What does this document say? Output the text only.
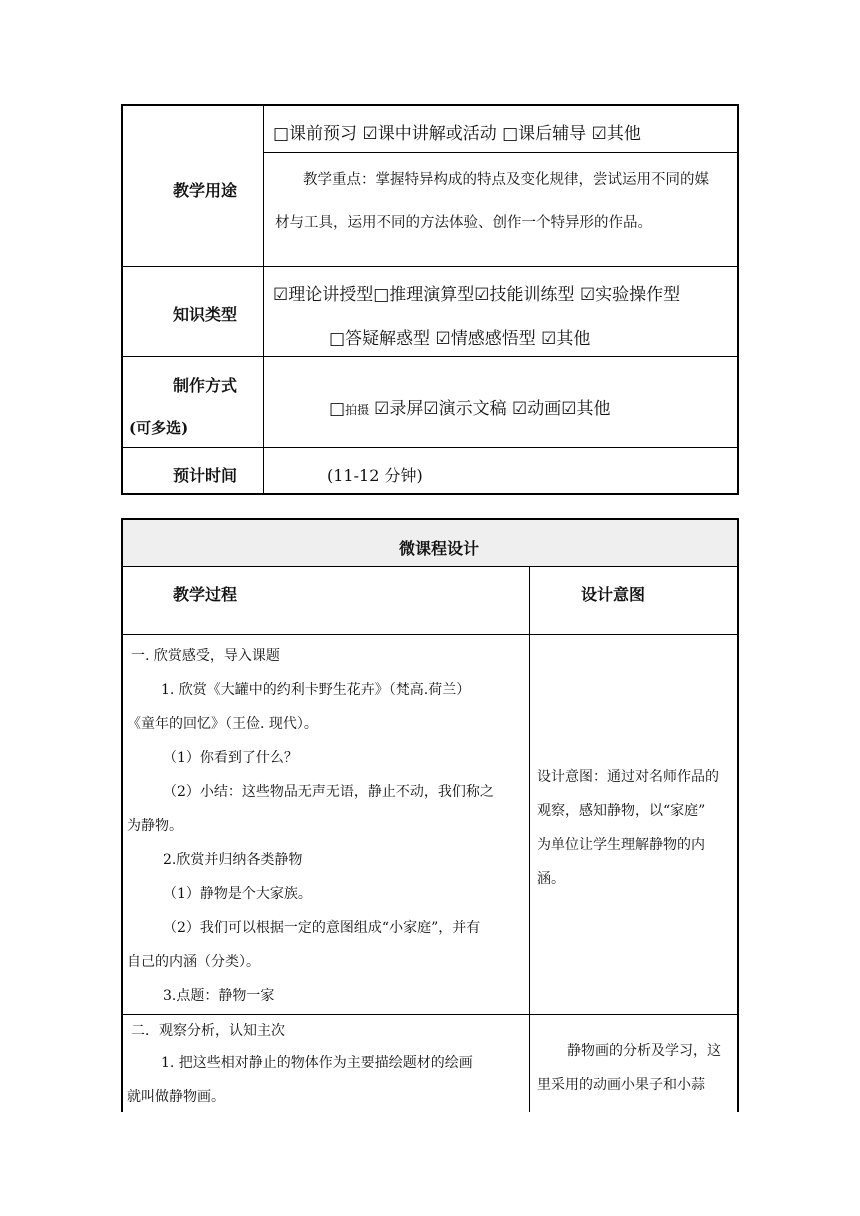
教学用途
□课前预习 ☑课中讲解或活动 □课后辅导 ☑其他
教学重点：掌握特异构成的特点及变化规律，尝试运用不同的媒
材与工具，运用不同的方法体验、创作一个特异形的作品。
知识类型
☑理论讲授型□推理演算型☑技能训练型 ☑实验操作型
□答疑解惑型 ☑情感感悟型 ☑其他
制作方式
(可多选)
□拍摄 ☑录屏☑演示文稿 ☑动画☑其他
预计时间	(11-12 分钟)
微课程设计
教学过程	设计意图
一. 欣赏感受，导入课题
1. 欣赏《大罐中的约利卡野生花卉》（梵高.荷兰）
《童年的回忆》（王俭. 现代）。
（1）你看到了什么？
（2）小结：这些物品无声无语，静止不动，我们称之
为静物。
2.欣赏并归纳各类静物
（1）静物是个大家族。
（2）我们可以根据一定的意图组成“小家庭”，并有
自己的内涵（分类）。
3.点题：静物一家
设计意图：通过对名师作品的
观察，感知静物，以“家庭”
为单位让学生理解静物的内
涵。
二．观察分析，认知主次
1. 把这些相对静止的物体作为主要描绘题材的绘画
就叫做静物画。
静物画的分析及学习，这
里采用的动画小果子和小蒜
